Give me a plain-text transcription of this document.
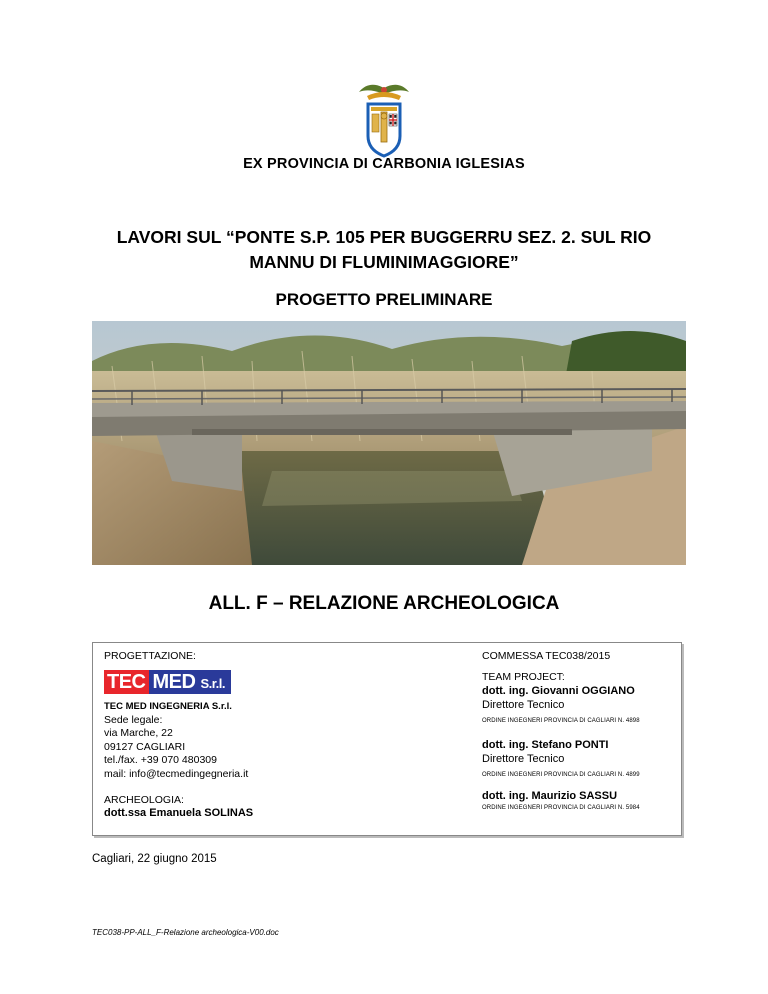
EX PROVINCIA DI CARBONIA IGLESIAS
LAVORI SUL “PONTE S.P. 105 PER BUGGERRU SEZ. 2. SUL RIO
MANNU DI FLUMINIMAGGIORE”
PROGETTO PRELIMINARE
ALL. F – RELAZIONE ARCHEOLOGICA
PROGETTAZIONE:
TEC MED S.r.l.
TEC MED INGEGNERIA S.r.l.
Sede legale:
via Marche, 22
09127 CAGLIARI
tel./fax. +39 070 480309
mail: info@tecmedingegneria.it
ARCHEOLOGIA:
dott.ssa Emanuela SOLINAS
COMMESSA TEC038/2015
TEAM PROJECT:
dott. ing. Giovanni OGGIANO
Direttore Tecnico
ORDINE INGEGNERI PROVINCIA DI CAGLIARI N. 4898
dott. ing. Stefano PONTI
Direttore Tecnico
ORDINE INGEGNERI PROVINCIA DI CAGLIARI N. 4899
dott. ing. Maurizio SASSU
ORDINE INGEGNERI PROVINCIA DI CAGLIARI N. 5984
Cagliari, 22 giugno 2015
TEC038-PP-ALL_F-Relazione archeologica-V00.doc
